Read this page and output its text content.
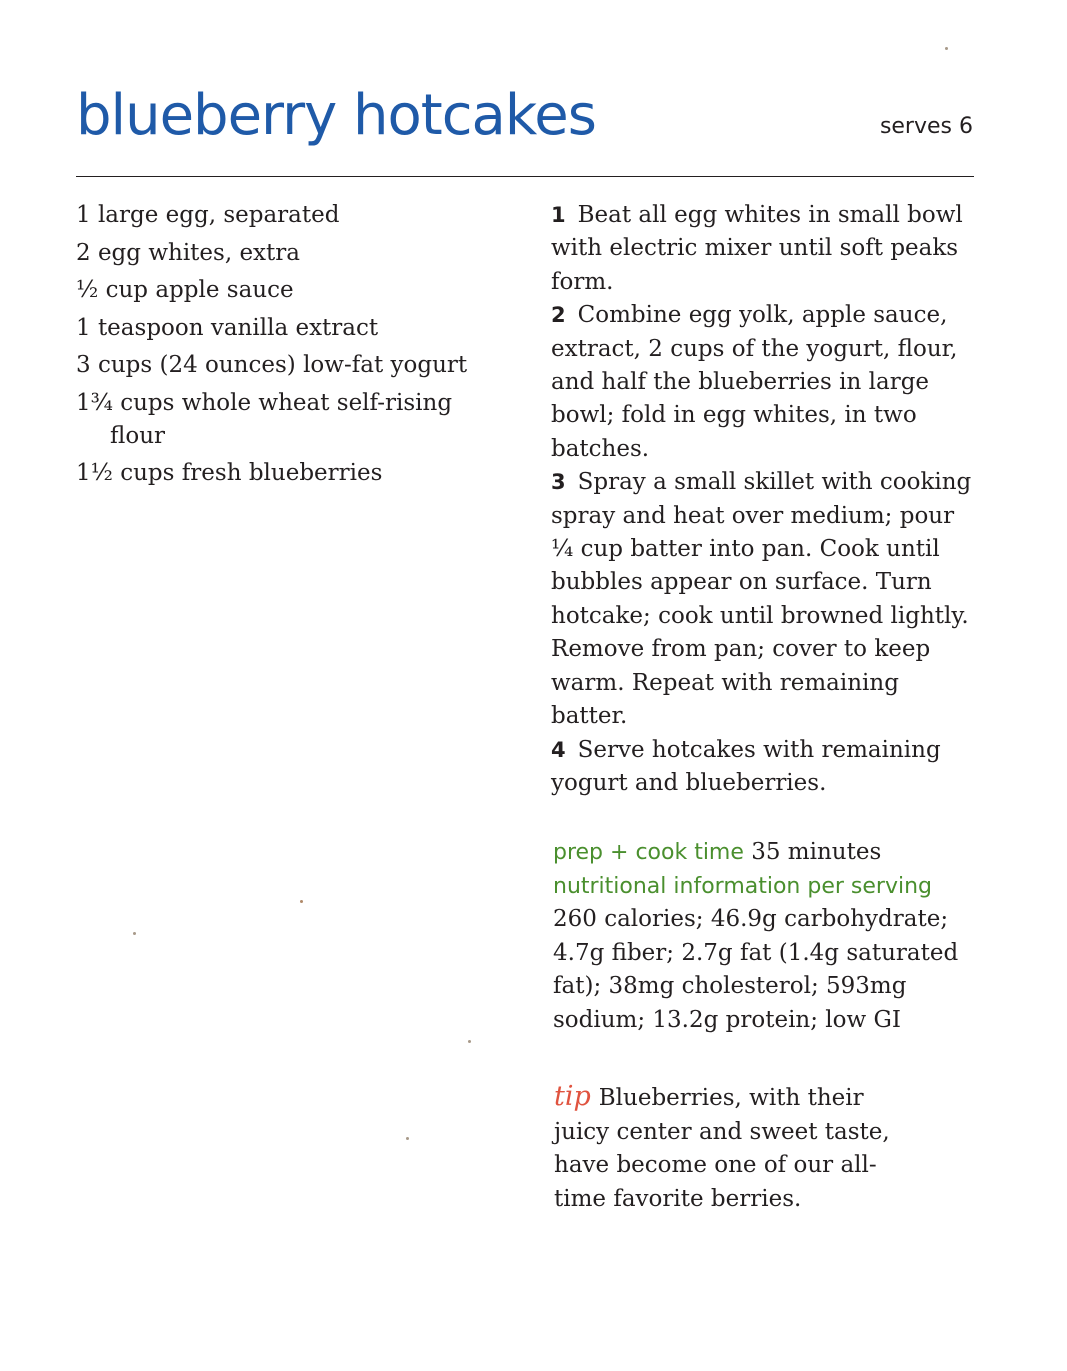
blueberry hotcakes	serves 6
1 large egg, separated
2 egg whites, extra
½ cup apple sauce
1 teaspoon vanilla extract
3 cups (24 ounces) low-fat yogurt
1¾ cups whole wheat self-rising flour
1½ cups fresh blueberries

1 Beat all egg whites in small bowl with electric mixer until soft peaks form.

2 Combine egg yolk, apple sauce, extract, 2 cups of the yogurt, flour, and half the blueberries in large bowl; fold in egg whites, in two batches.

3 Spray a small skillet with cooking spray and heat over medium; pour ¼ cup batter into pan. Cook until bubbles appear on surface. Turn hotcake; cook until browned lightly. Remove from pan; cover to keep warm. Repeat with remaining batter.

4 Serve hotcakes with remaining yogurt and blueberries.

prep + cook time 35 minutes

nutritional information per serving

260 calories; 46.9g carbohydrate; 4.7g fiber; 2.7g fat (1.4g saturated fat); 38mg cholesterol; 593mg sodium; 13.2g protein; low GI

tip Blueberries, with their juicy center and sweet taste, have become one of our all-time favorite berries.
